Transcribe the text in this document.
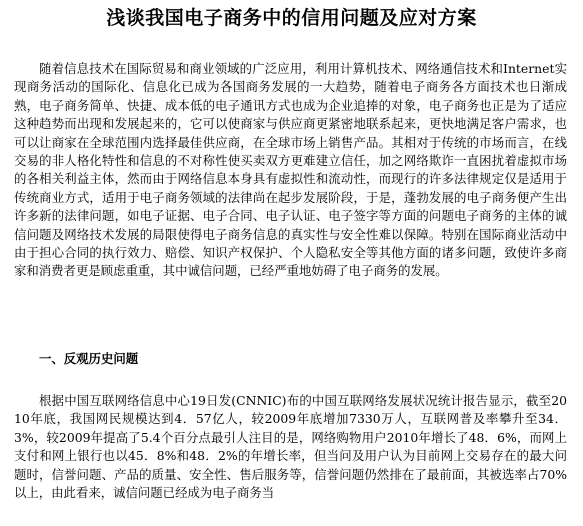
浅谈我国电子商务中的信用问题及应对方案

随着信息技术在国际贸易和商业领域的广泛应用，利用计算机技术、网络通信技术和Internet实现商务活动的国际化、信息化已成为各国商务发展的一大趋势，随着电子商务各方面技术也日渐成熟，电子商务简单、快捷、成本低的电子通讯方式也成为企业追捧的对象，电子商务也正是为了适应这种趋势而出现和发展起来的，它可以使商家与供应商更紧密地联系起来，更快地满足客户需求，也可以让商家在全球范围内选择最佳供应商，在全球市场上销售产品。其相对于传统的市场而言，在线交易的非人格化特性和信息的不对称性使买卖双方更难建立信任，加之网络欺诈一直困扰着虚拟市场的各相关利益主体，然而由于网络信息本身具有虚拟性和流动性，而现行的许多法律规定仅是适用于传统商业方式，适用于电子商务领域的法律尚在起步发展阶段，于是，蓬勃发展的电子商务便产生出许多新的法律问题，如电子证据、电子合同、电子认证、电子签字等方面的问题电子商务的主体的诚信问题及网络技术发展的局限使得电子商务信息的真实性与安全性难以保障。特别在国际商业活动中由于担心合同的执行效力、赔偿、知识产权保护、个人隐私安全等其他方面的诸多问题，致使许多商家和消费者更是顾虑重重，其中诚信问题，已经严重地妨碍了电子商务的发展。

一、反观历史问题

根据中国互联网络信息中心19日发(CNNIC)布的中国互联网络发展状况统计报告显示，截至2010年底，我国网民规模达到4．57亿人，较2009年底增加7330万人，互联网普及率攀升至34．3%，较2009年提高了5.4个百分点最引人注目的是，网络购物用户2010年增长了48．6%，而网上支付和网上银行也以45．8%和48．2%的年增长率，但当问及用户认为目前网上交易存在的最大问题时，信誉问题、产品的质量、安全性、售后服务等，信誉问题仍然排在了最前面，其被选率占70%以上，由此看来，诚信问题已经成为电子商务当
